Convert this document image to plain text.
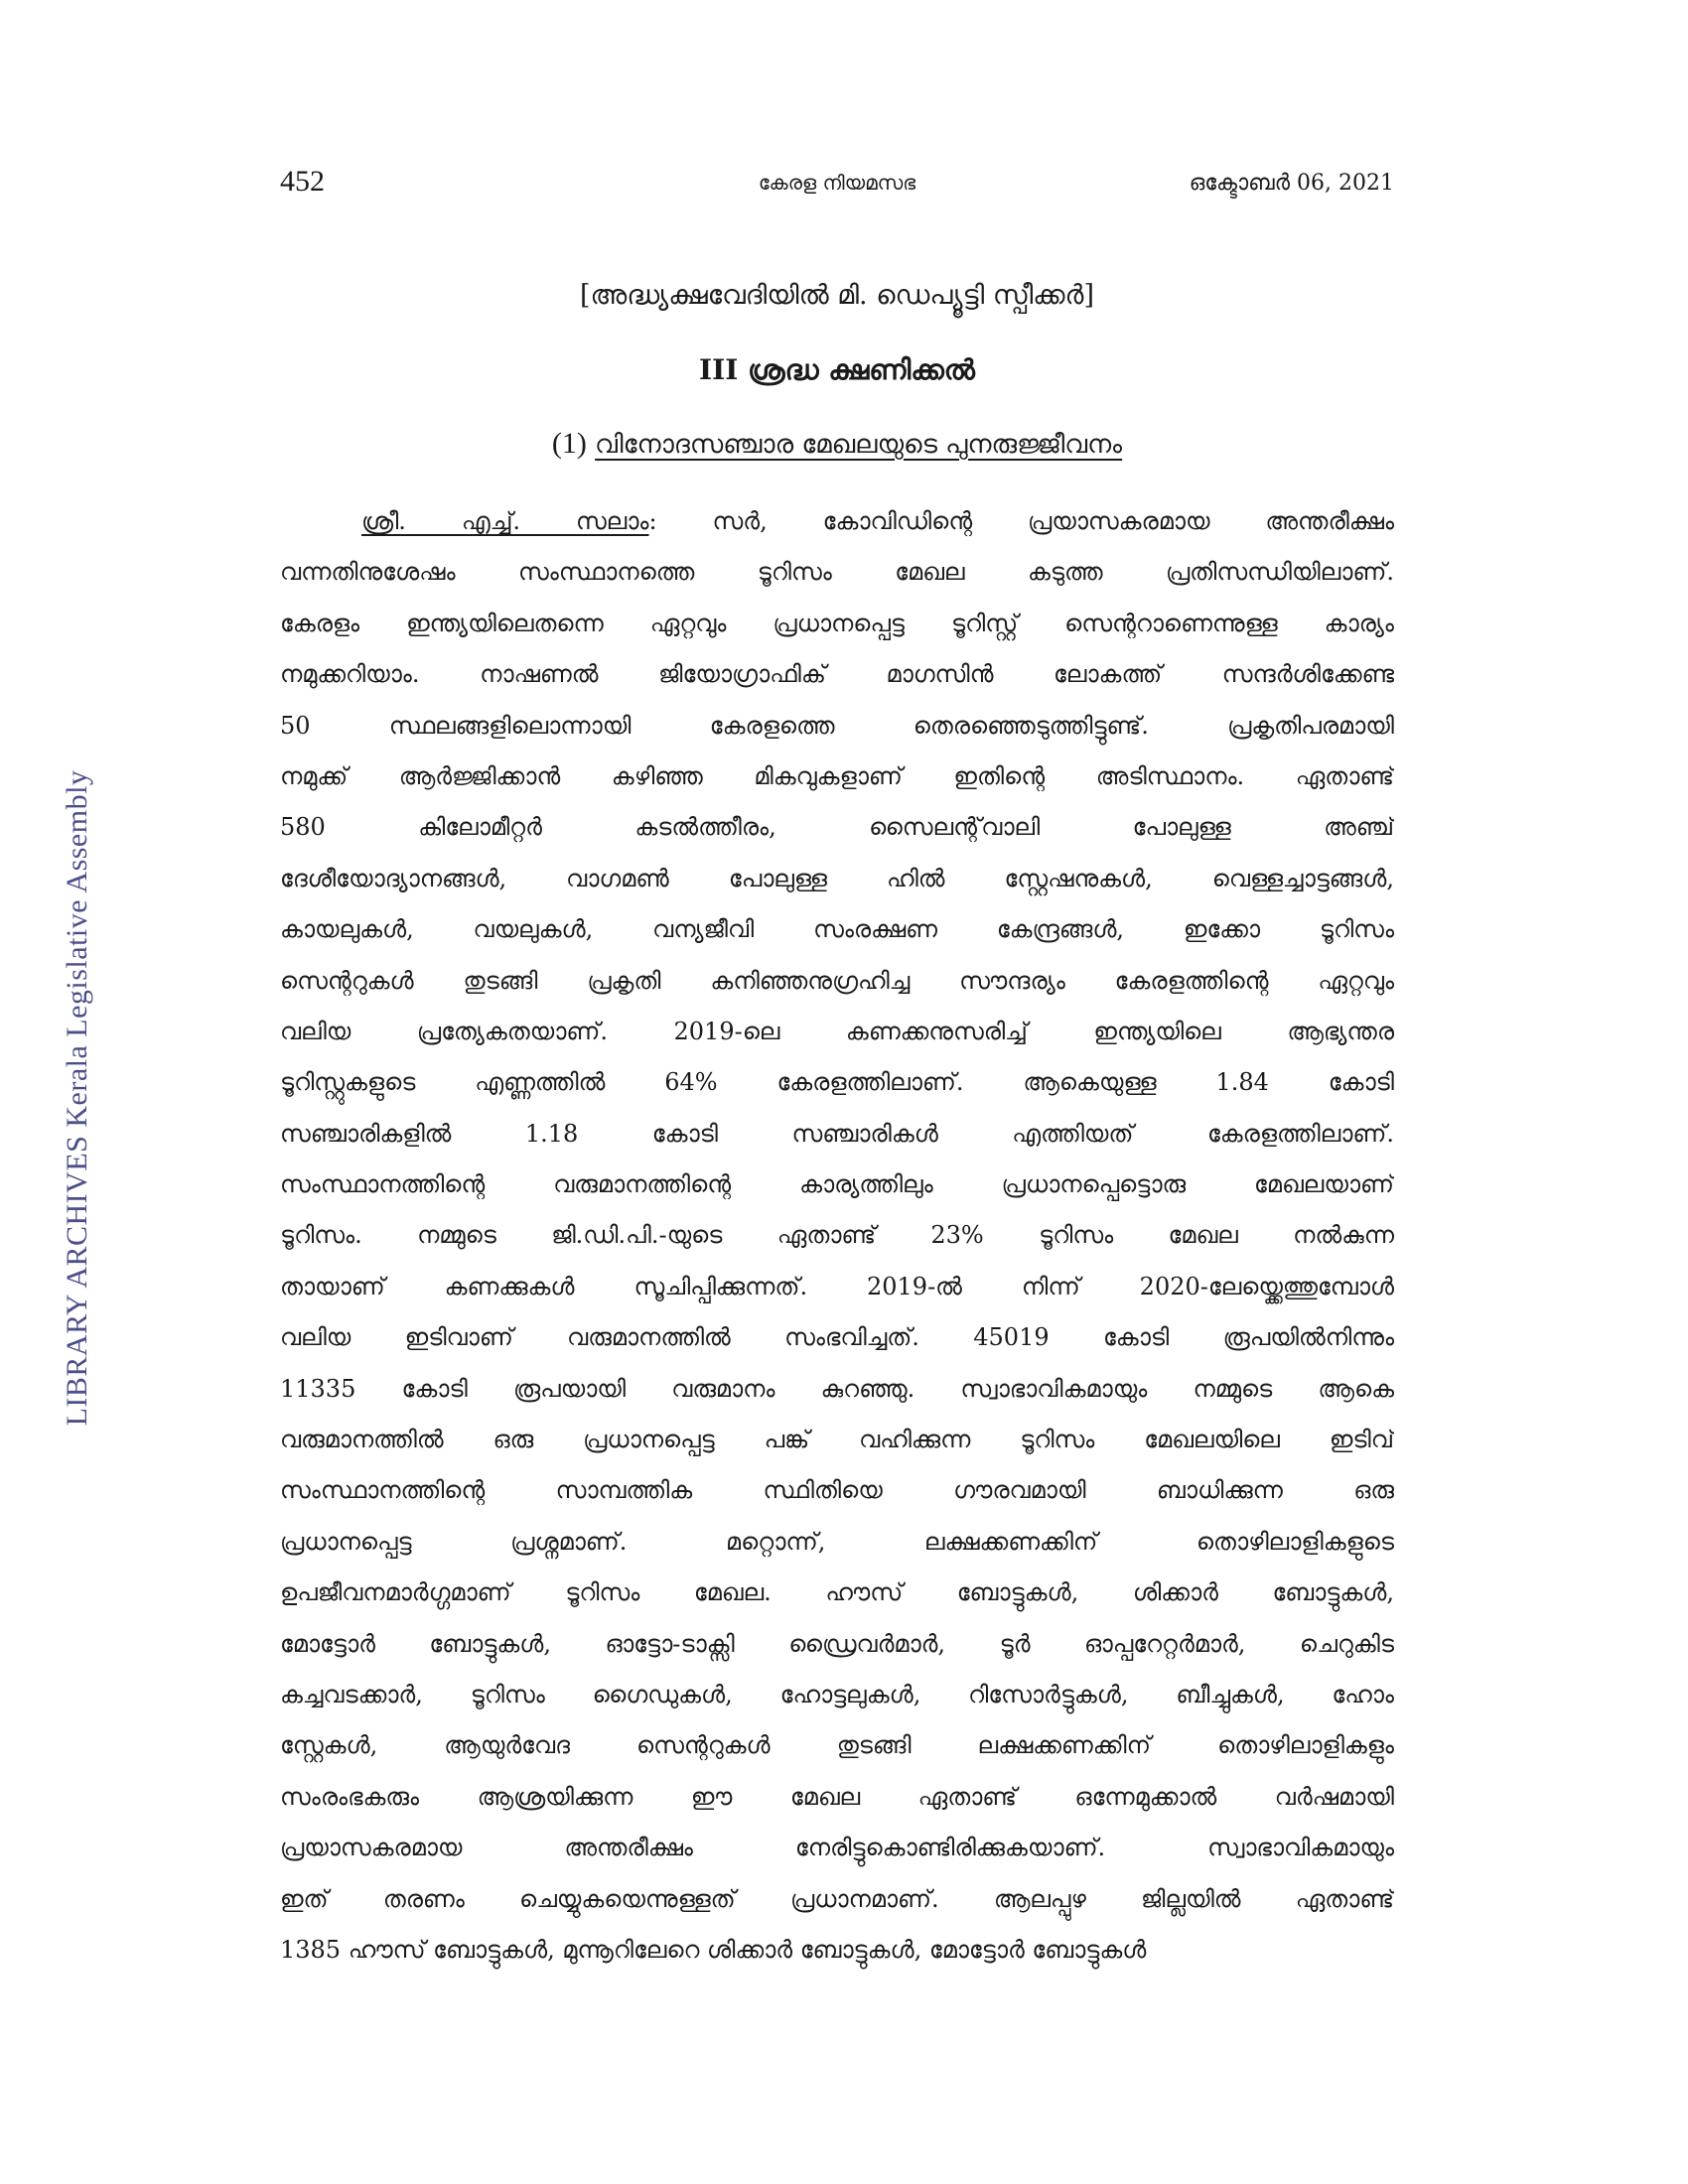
LIBRARY ARCHIVES Kerala Legislative Assembly
452	കേരള നിയമസഭ	ഒക്ടോബർ 06, 2021
[അദ്ധ്യക്ഷവേദിയിൽ മി. ഡെപ്യൂട്ടി സ്പീക്കർ]
III ശ്രദ്ധ ക്ഷണിക്കൽ
(1) വിനോദസഞ്ചാര മേഖലയുടെ പുനരുജ്ജീവനം
ശ്രീ. എച്ച്. സലാം: സർ, കോവിഡിന്റെ പ്രയാസകരമായ അന്തരീക്ഷം
വന്നതിനുശേഷം സംസ്ഥാനത്തെ ടൂറിസം മേഖല കടുത്ത പ്രതിസന്ധിയിലാണ്.
കേരളം ഇന്ത്യയിലെതന്നെ ഏറ്റവും പ്രധാനപ്പെട്ട ടൂറിസ്റ്റ് സെന്ററാണെന്നുള്ള കാര്യം
നമുക്കറിയാം. നാഷണൽ ജിയോഗ്രാഫിക് മാഗസിൻ ലോകത്ത് സന്ദർശിക്കേണ്ട
50 സ്ഥലങ്ങളിലൊന്നായി കേരളത്തെ തെരഞ്ഞെടുത്തിട്ടുണ്ട്. പ്രകൃതിപരമായി
നമുക്ക് ആർജ്ജിക്കാൻ കഴിഞ്ഞ മികവുകളാണ് ഇതിന്റെ അടിസ്ഥാനം. ഏതാണ്ട്
580 കിലോമീറ്റർ കടൽത്തീരം, സൈലന്റ്‌വാലി പോലുള്ള അഞ്ച്
ദേശീയോദ്യാനങ്ങൾ, വാഗമൺ പോലുള്ള ഹിൽ സ്റ്റേഷനുകൾ, വെള്ളച്ചാട്ടങ്ങൾ,
കായലുകൾ, വയലുകൾ, വന്യജീവി സംരക്ഷണ കേന്ദ്രങ്ങൾ, ഇക്കോ ടൂറിസം
സെന്ററുകൾ തുടങ്ങി പ്രകൃതി കനിഞ്ഞനുഗ്രഹിച്ച സൗന്ദര്യം കേരളത്തിന്റെ ഏറ്റവും
വലിയ പ്രത്യേകതയാണ്. 2019-ലെ കണക്കനുസരിച്ച് ഇന്ത്യയിലെ ആഭ്യന്തര
ടൂറിസ്റ്റുകളുടെ എണ്ണത്തിൽ 64% കേരളത്തിലാണ്. ആകെയുള്ള 1.84 കോടി
സഞ്ചാരികളിൽ 1.18 കോടി സഞ്ചാരികൾ എത്തിയത് കേരളത്തിലാണ്.
സംസ്ഥാനത്തിന്റെ വരുമാനത്തിന്റെ കാര്യത്തിലും പ്രധാനപ്പെട്ടൊരു മേഖലയാണ്
ടൂറിസം. നമ്മുടെ ജി.ഡി.പി.-യുടെ ഏതാണ്ട് 23% ടൂറിസം മേഖല നൽകുന്ന
തായാണ് കണക്കുകൾ സൂചിപ്പിക്കുന്നത്. 2019-ൽ നിന്ന് 2020-ലേയ്ക്കെത്തുമ്പോൾ
വലിയ ഇടിവാണ് വരുമാനത്തിൽ സംഭവിച്ചത്. 45019 കോടി രൂപയിൽനിന്നും
11335 കോടി രൂപയായി വരുമാനം കുറഞ്ഞു. സ്വാഭാവികമായും നമ്മുടെ ആകെ
വരുമാനത്തിൽ ഒരു പ്രധാനപ്പെട്ട പങ്ക് വഹിക്കുന്ന ടൂറിസം മേഖലയിലെ ഇടിവ്
സംസ്ഥാനത്തിന്റെ സാമ്പത്തിക സ്ഥിതിയെ ഗൗരവമായി ബാധിക്കുന്ന ഒരു
പ്രധാനപ്പെട്ട പ്രശ്നമാണ്. മറ്റൊന്ന്, ലക്ഷക്കണക്കിന് തൊഴിലാളികളുടെ
ഉപജീവനമാർഗ്ഗമാണ് ടൂറിസം മേഖല. ഹൗസ് ബോട്ടുകൾ, ശിക്കാർ ബോട്ടുകൾ,
മോട്ടോർ ബോട്ടുകൾ, ഓട്ടോ-ടാക്സി ഡ്രൈവർമാർ, ടൂർ ഓപ്പറേറ്റർമാർ, ചെറുകിട
കച്ചവടക്കാർ, ടൂറിസം ഗൈഡുകൾ, ഹോട്ടലുകൾ, റിസോർട്ടുകൾ, ബീച്ചുകൾ, ഹോം
സ്റ്റേകൾ, ആയുർവേദ സെന്ററുകൾ തുടങ്ങി ലക്ഷക്കണക്കിന് തൊഴിലാളികളും
സംരംഭകരും ആശ്രയിക്കുന്ന ഈ മേഖല ഏതാണ്ട് ഒന്നേമുക്കാൽ വർഷമായി
പ്രയാസകരമായ അന്തരീക്ഷം നേരിട്ടുകൊണ്ടിരിക്കുകയാണ്. സ്വാഭാവികമായും
ഇത് തരണം ചെയ്യുകയെന്നുള്ളത് പ്രധാനമാണ്. ആലപ്പുഴ ജില്ലയിൽ ഏതാണ്ട്
1385 ഹൗസ് ബോട്ടുകൾ, മുന്നൂറിലേറെ ശിക്കാർ ബോട്ടുകൾ, മോട്ടോർ ബോട്ടുകൾ
